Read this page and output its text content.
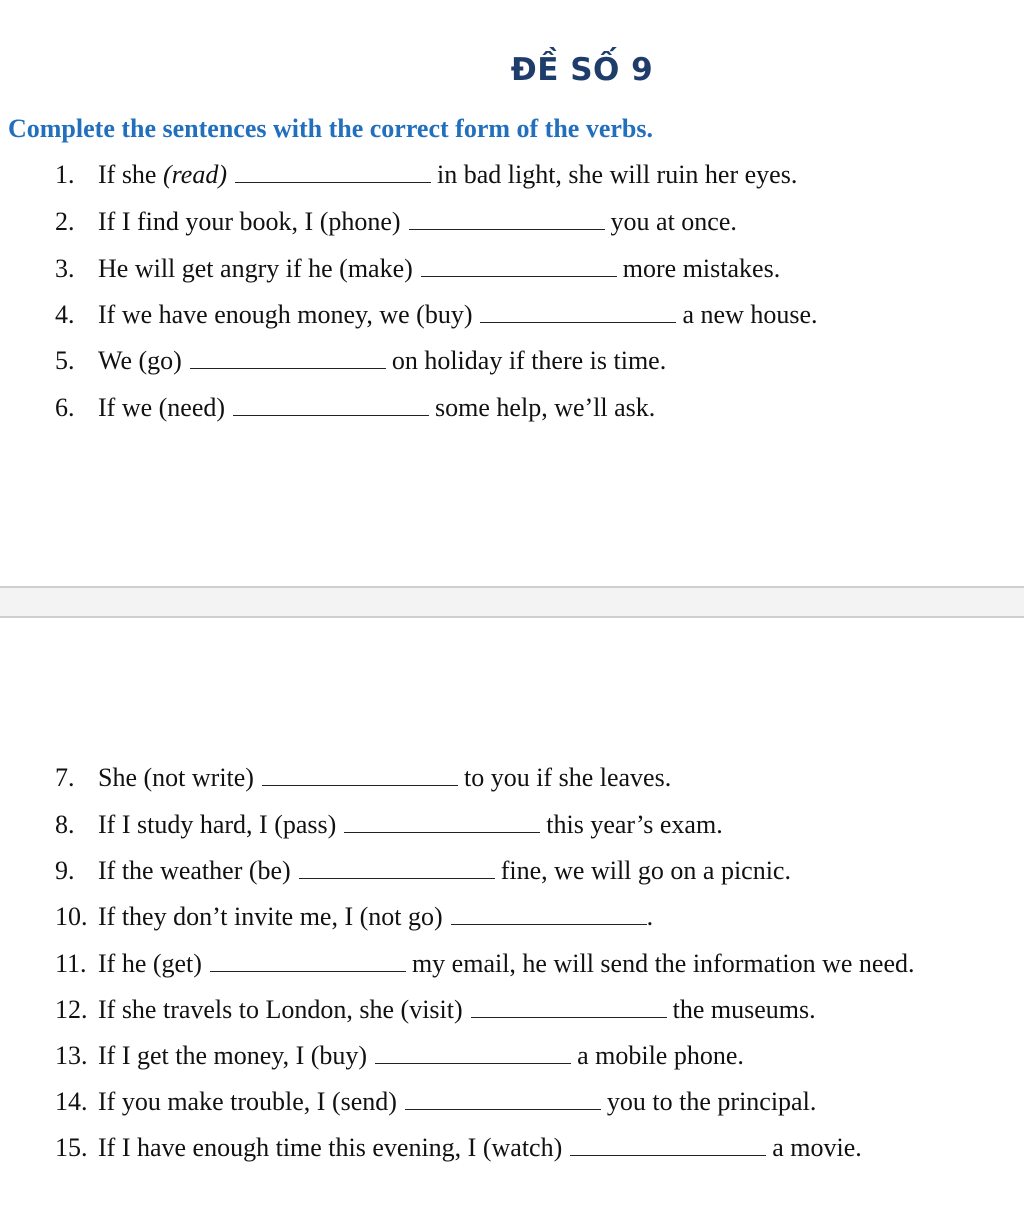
ĐỀ SỐ 9
Complete the sentences with the correct form of the verbs.
1. If she (read)	in bad light, she will ruin her eyes.
2. If I find your book, I (phone)	you at once.
3. He will get angry if he (make)	more mistakes.
4. If we have enough money, we (buy)	a new house.
5. We (go)	on holiday if there is time.
6. If we (need)	some help, we’ll ask.
7. She (not write)	to you if she leaves.
8. If I study hard, I (pass)	this year’s exam.
9. If the weather (be)	fine, we will go on a picnic.
10. If they don’t invite me, I (not go)	.
11. If he (get)	my email, he will send the information we need.
12. If she travels to London, she (visit)	the museums.
13. If I get the money, I (buy)	a mobile phone.
14. If you make trouble, I (send)	you to the principal.
15. If I have enough time this evening, I (watch)	a movie.
